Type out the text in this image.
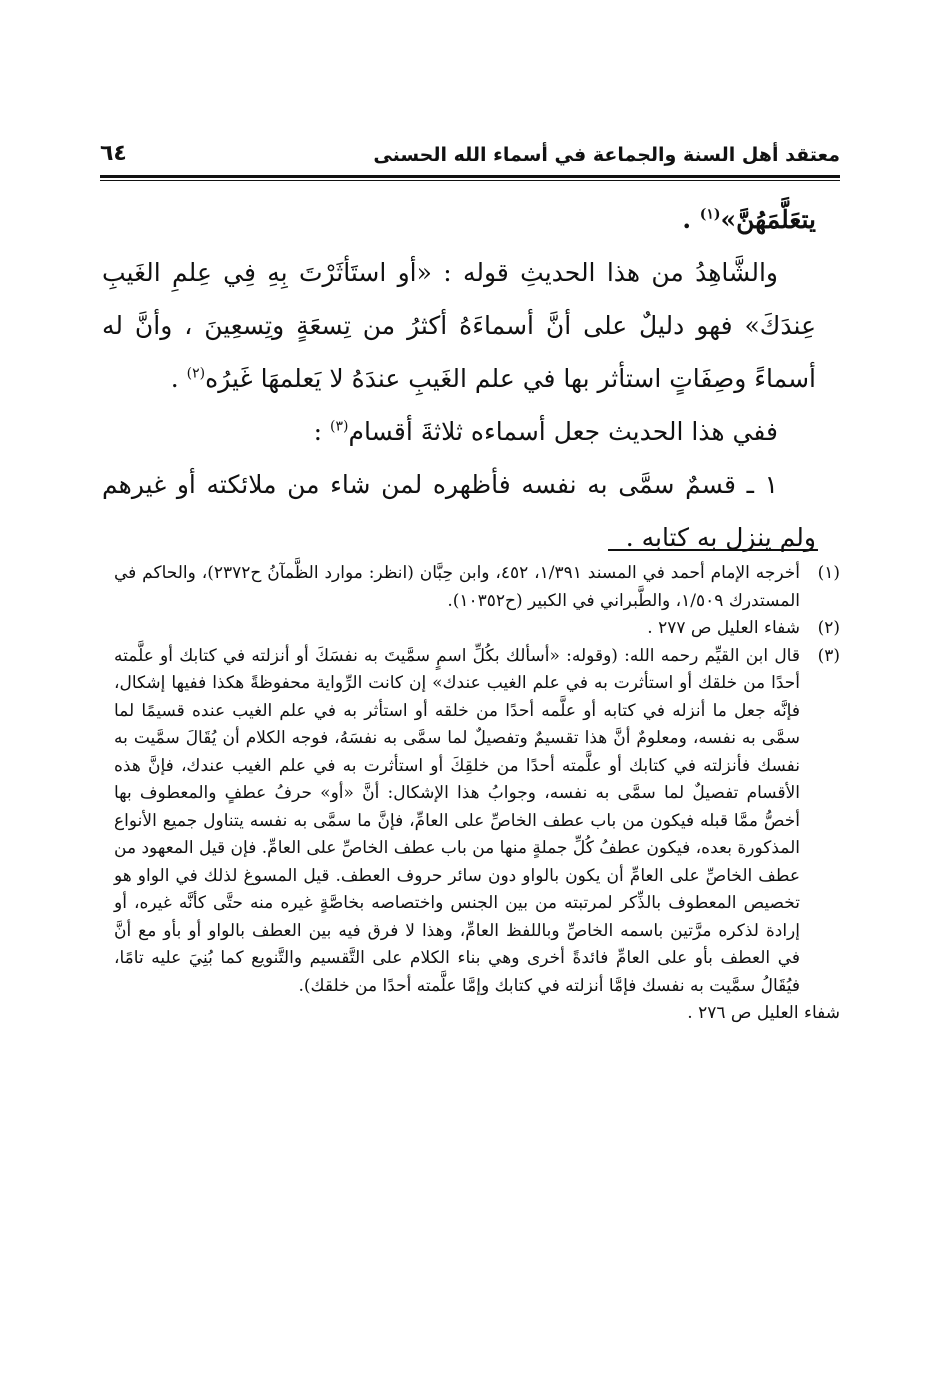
معتقد أهل السنة والجماعة في أسماء الله الحسنى
٦٤

يتعَلَّمَهُنَّ»$^{(١)}$ .

والشَّاهِدُ من هذا الحديثِ قوله : «أو استَأثَرْتَ بِهِ فِي عِلمِ الغَيبِ عِندَكَ» فهو دليلٌ على أنَّ أسماءَهُ أكثرُ من تِسعَةٍ وتِسعِينَ ، وأنَّ له أسماءً وصِفَاتٍ استأثر بها في علم الغَيبِ عندَهُ لا يَعلمهَا غَيرُه$^{(٢)}$ .

ففي هذا الحديث جعل أسماءه ثلاثةَ أقسام$^{(٣)}$ :

١ ـ قسمٌ سمَّى به نفسه فأظهره لمن شاء من ملائكته أو غيرهم ولم ينزل به كتابه .

(١)
أخرجه الإمام أحمد في المسند ١/٣٩١، ٤٥٢، وابن حِبَّان (انظر: موارد الظَّمآنُ ح٢٣٧٢)، والحاكم في المستدرك ١/٥٠٩، والطَّبراني في الكبير (ح١٠٣٥٢).
(٢)
شفاء العليل ص ٢٧٧ .
(٣)
قال ابن القيِّم رحمه الله: (وقوله: «أسألك بكُلِّ اسمٍ سمَّيتَ به نفسَكَ أو أنزلته في كتابك أو علَّمته أحدًا من خلقك أو استأثرت به في علم الغيب عندك» إن كانت الرِّواية محفوظةً هكذا ففيها إشكال، فإنَّه جعل ما أنزله في كتابه أو علَّمه أحدًا من خلقه أو استأثر به في علم الغيب عنده قسيمًا لما سمَّى به نفسه، ومعلومٌ أنَّ هذا تقسيمٌ وتفصيلٌ لما سمَّى به نفسَهُ، فوجه الكلام أن يُقَالَ سمَّيت به نفسك فأنزلته في كتابك أو علَّمته أحدًا من خلقِكَ أو استأثرت به في علم الغيب عندك، فإنَّ هذه الأقسام تفصيلٌ لما سمَّى به نفسه، وجوابُ هذا الإشكال: أنَّ «أو» حرفُ عطفٍ والمعطوف بها أخصُّ ممَّا قبله فيكون من باب عطف الخاصِّ على العامِّ، فإنَّ ما سمَّى به نفسه يتناول جميع الأنواع المذكورة بعده، فيكون عطفُ كُلِّ جملةٍ منها من باب عطف الخاصِّ على العامِّ. فإن قيل المعهود من عطف الخاصِّ على العامِّ أن يكون بالواو دون سائر حروف العطف. قيل المسوغ لذلك في الواو هو تخصيص المعطوف بالذِّكر لمرتبته من بين الجنس واختصاصه بخاصَّةٍ غيره منه حتَّى كأنَّه غيره، أو إرادة لذكره مرَّتين باسمه الخاصِّ وباللفظ العامِّ، وهذا لا فرق فيه بين العطف بالواو أو بأو مع أنَّ في العطف بأو على العامِّ فائدةً أخرى وهي بناء الكلام على التَّقسيم والتَّنويع كما بُنِيَ عليه تامًا، فيُقَالُ سمَّيت به نفسك فإمَّا أنزلته في كتابك وإمَّا علَّمته أحدًا من خلقك).
شفاء العليل ص ٢٧٦ .
